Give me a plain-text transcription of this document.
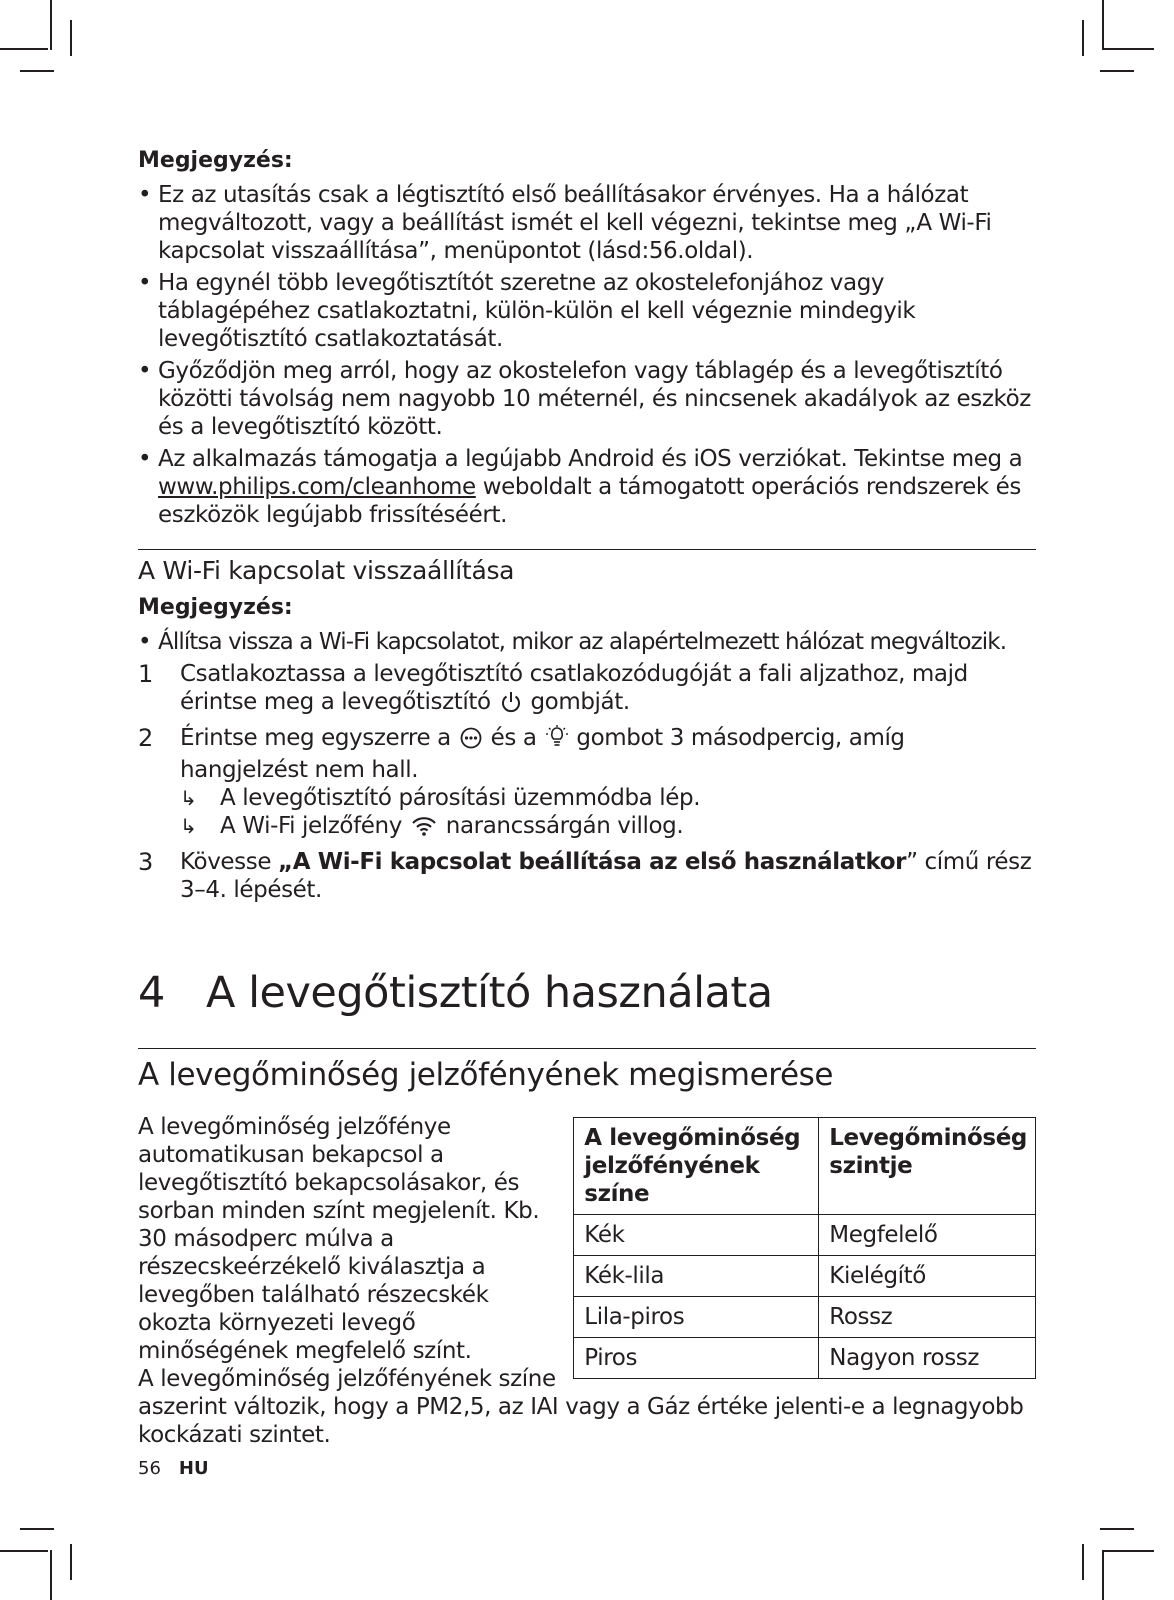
Megjegyzés:
• Ez az utasítás csak a légtisztító első beállításakor érvényes. Ha a hálózat megváltozott, vagy a beállítást ismét el kell végezni, tekintse meg „A Wi-Fi kapcsolat visszaállítása”, menüpontot (lásd:56.oldal).
• Ha egynél több levegőtisztítót szeretne az okostelefonjához vagy táblagépéhez csatlakoztatni, külön-külön el kell végeznie mindegyik levegőtisztító csatlakoztatását.
• Győződjön meg arról, hogy az okostelefon vagy táblagép és a levegőtisztító közötti távolság nem nagyobb 10 méternél, és nincsenek akadályok az eszköz és a levegőtisztító között.
• Az alkalmazás támogatja a legújabb Android és iOS verziókat. Tekintse meg a www.philips.com/cleanhome weboldalt a támogatott operációs rendszerek és eszközök legújabb frissítéséért.
A Wi-Fi kapcsolat visszaállítása
Megjegyzés:
• Állítsa vissza a Wi-Fi kapcsolatot, mikor az alapértelmezett hálózat megváltozik.
1 Csatlakoztassa a levegőtisztító csatlakozódugóját a fali aljzathoz, majd érintse meg a levegőtisztító  gombját.
2 Érintse meg egyszerre a  és a  gombot 3 másodpercig, amíg hangjelzést nem hall.
↳ A levegőtisztító párosítási üzemmódba lép.
↳ A Wi-Fi jelzőfény  narancssárgán villog.
3 Kövesse „A Wi-Fi kapcsolat beállítása az első használatkor” című rész 3–4. lépését.
4 A levegőtisztító használata
A levegőminőség jelzőfényének megismerése
A levegőminőség jelzőfényének színe	Levegőminőség szintje
Kék	Megfelelő
Kék-lila	Kielégítő
Lila-piros	Rossz
Piros	Nagyon rossz
A levegőminőség jelzőfénye automatikusan bekapcsol a levegőtisztító bekapcsolásakor, és sorban minden színt megjelenít. Kb. 30 másodperc múlva a részecskeérzékelő kiválasztja a levegőben található részecskék okozta környezeti levegő minőségének megfelelő színt.
A levegőminőség jelzőfényének színe aszerint változik, hogy a PM2,5, az IAI vagy a Gáz értéke jelenti-e a legnagyobb kockázati szintet.
56 HU
